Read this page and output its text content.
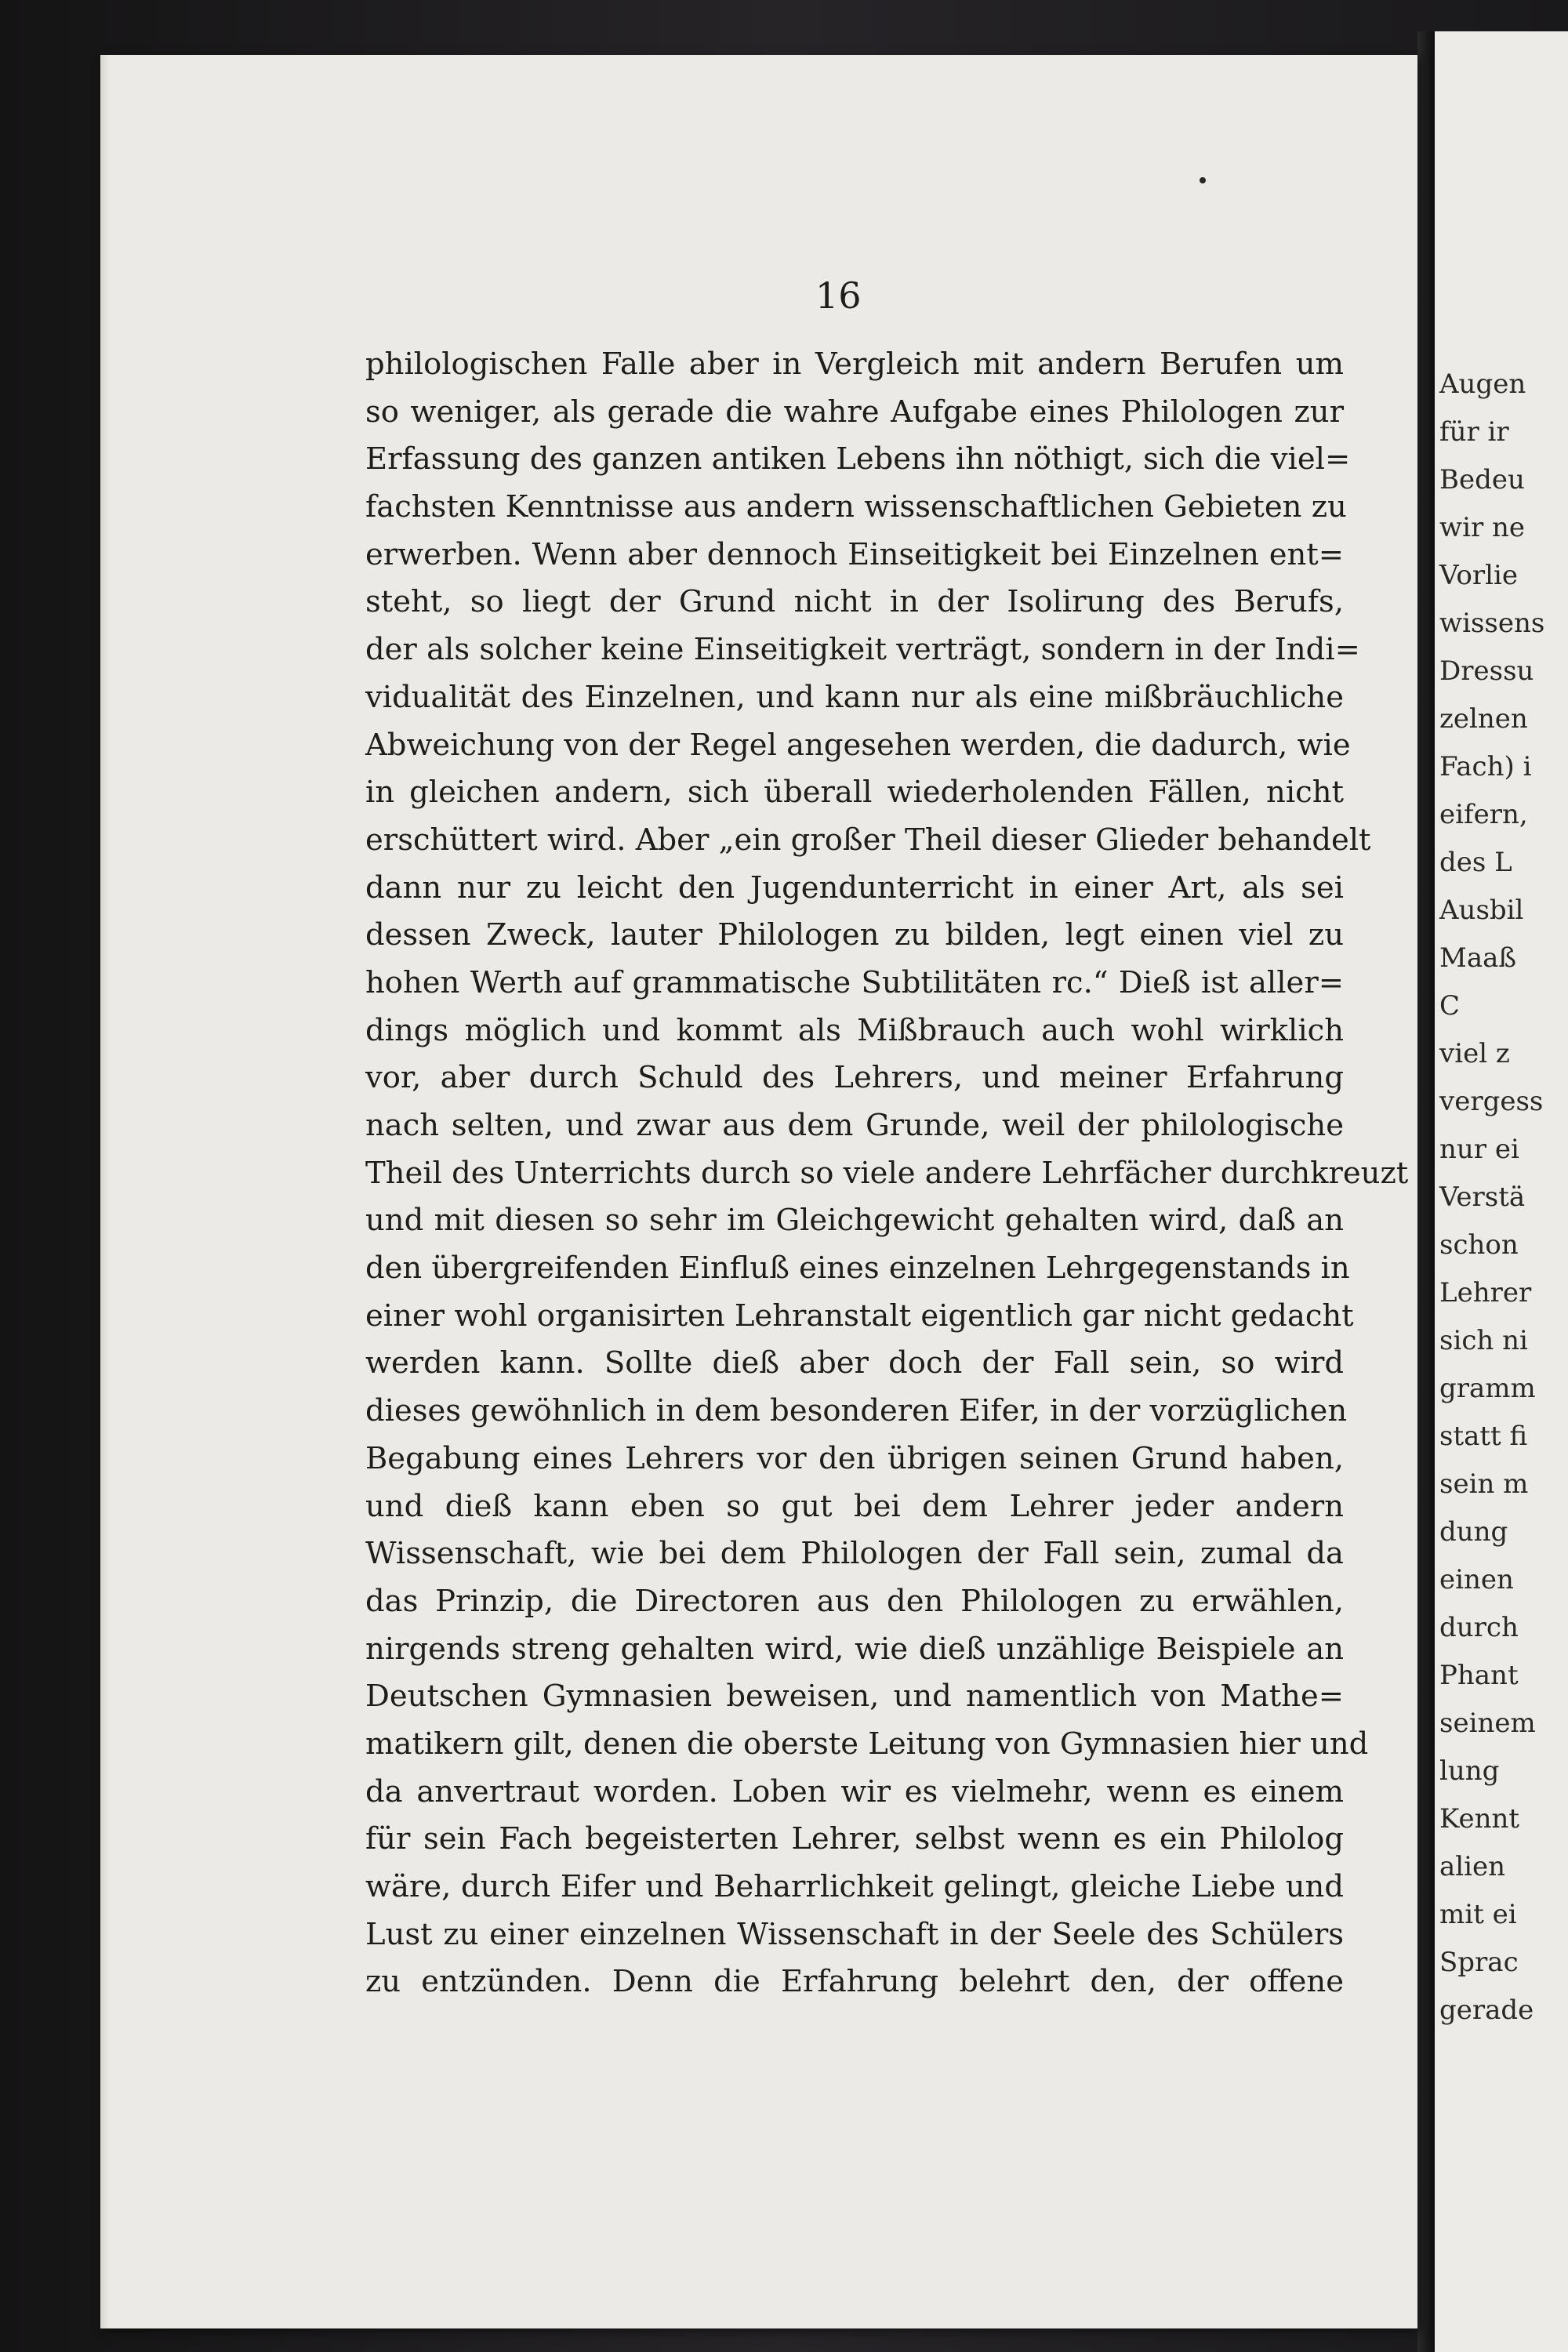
Augen
für ir
Bedeu
wir ne
Vorlie
wissens
Dressu
zelnen
Fach) i
eifern,
des L
Ausbil
Maaß
C
viel z
vergess
nur ei
Verstä
schon
Lehrer
sich ni
gramm
statt fi
sein m
dung
einen
durch
Phant
seinem
lung
Kennt
alien
mit ei
Sprac
gerade
16
philologischen Falle aber in Vergleich mit andern Berufen um
so weniger, als gerade die wahre Aufgabe eines Philologen zur
Erfassung des ganzen antiken Lebens ihn nöthigt, sich die viel=
fachsten Kenntnisse aus andern wissenschaftlichen Gebieten zu
erwerben. Wenn aber dennoch Einseitigkeit bei Einzelnen ent=
steht, so liegt der Grund nicht in der Isolirung des Berufs,
der als solcher keine Einseitigkeit verträgt, sondern in der Indi=
vidualität des Einzelnen, und kann nur als eine mißbräuchliche
Abweichung von der Regel angesehen werden, die dadurch, wie
in gleichen andern, sich überall wiederholenden Fällen, nicht
erschüttert wird. Aber „ein großer Theil dieser Glieder behandelt
dann nur zu leicht den Jugendunterricht in einer Art, als sei
dessen Zweck, lauter Philologen zu bilden, legt einen viel zu
hohen Werth auf grammatische Subtilitäten rc.“ Dieß ist aller=
dings möglich und kommt als Mißbrauch auch wohl wirklich
vor, aber durch Schuld des Lehrers, und meiner Erfahrung
nach selten, und zwar aus dem Grunde, weil der philologische
Theil des Unterrichts durch so viele andere Lehrfächer durchkreuzt
und mit diesen so sehr im Gleichgewicht gehalten wird, daß an
den übergreifenden Einfluß eines einzelnen Lehrgegenstands in
einer wohl organisirten Lehranstalt eigentlich gar nicht gedacht
werden kann. Sollte dieß aber doch der Fall sein, so wird
dieses gewöhnlich in dem besonderen Eifer, in der vorzüglichen
Begabung eines Lehrers vor den übrigen seinen Grund haben,
und dieß kann eben so gut bei dem Lehrer jeder andern
Wissenschaft, wie bei dem Philologen der Fall sein, zumal da
das Prinzip, die Directoren aus den Philologen zu erwählen,
nirgends streng gehalten wird, wie dieß unzählige Beispiele an
Deutschen Gymnasien beweisen, und namentlich von Mathe=
matikern gilt, denen die oberste Leitung von Gymnasien hier und
da anvertraut worden. Loben wir es vielmehr, wenn es einem
für sein Fach begeisterten Lehrer, selbst wenn es ein Philolog
wäre, durch Eifer und Beharrlichkeit gelingt, gleiche Liebe und
Lust zu einer einzelnen Wissenschaft in der Seele des Schülers
zu entzünden. Denn die Erfahrung belehrt den, der offene
